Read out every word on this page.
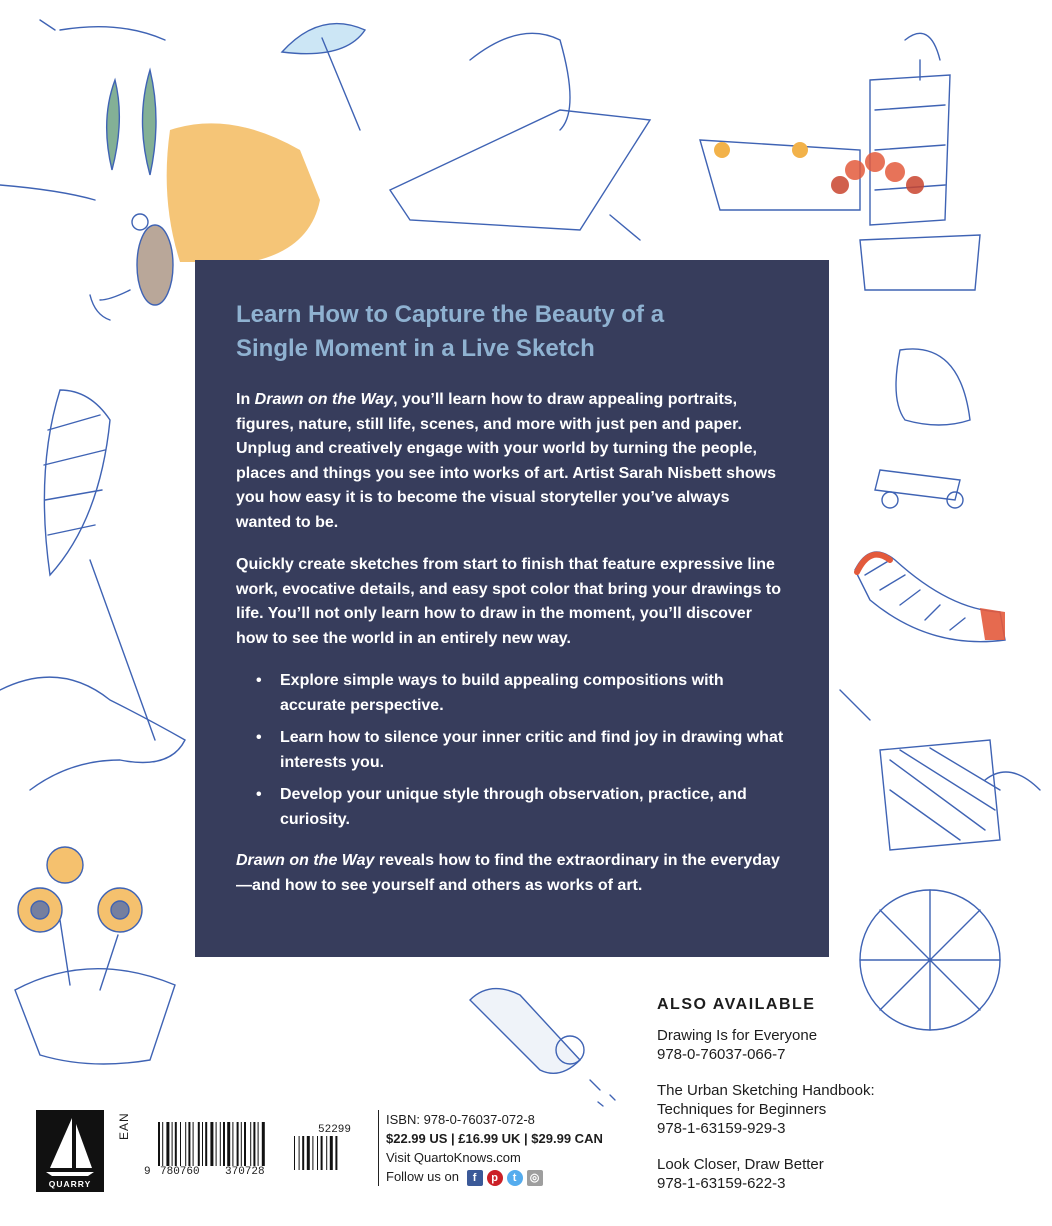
Learn How to Capture the Beauty of a
Single Moment in a Live Sketch

In Drawn on the Way, you’ll learn how to draw appealing portraits, figures, nature, still life, scenes, and more with just pen and paper. Unplug and creatively engage with your world by turning the people, places and things you see into works of art. Artist Sarah Nisbett shows you how easy it is to become the visual storyteller you’ve always wanted to be.

Quickly create sketches from start to finish that feature expressive line work, evocative details, and easy spot color that bring your drawings to life. You’ll not only learn how to draw in the moment, you’ll discover how to see the world in an entirely new way.

• Explore simple ways to build appealing compositions with accurate perspective.
• Learn how to silence your inner critic and find joy in drawing what interests you.
• Develop your unique style through observation, practice, and curiosity.

Drawn on the Way reveals how to find the extraordinary in the everyday—and how to see yourself and others as works of art.

ALSO AVAILABLE
Drawing Is for Everyone
978-0-76037-066-7
The Urban Sketching Handbook: Techniques for Beginners
978-1-63159-929-3
Look Closer, Draw Better
978-1-63159-622-3
QUARRY
EAN
9 780760 370728
52299
ISBN: 978-0-76037-072-8
$22.99 US | £16.99 UK | $29.99 CAN
Visit QuartoKnows.com
Follow us on	f	p	t	◎
